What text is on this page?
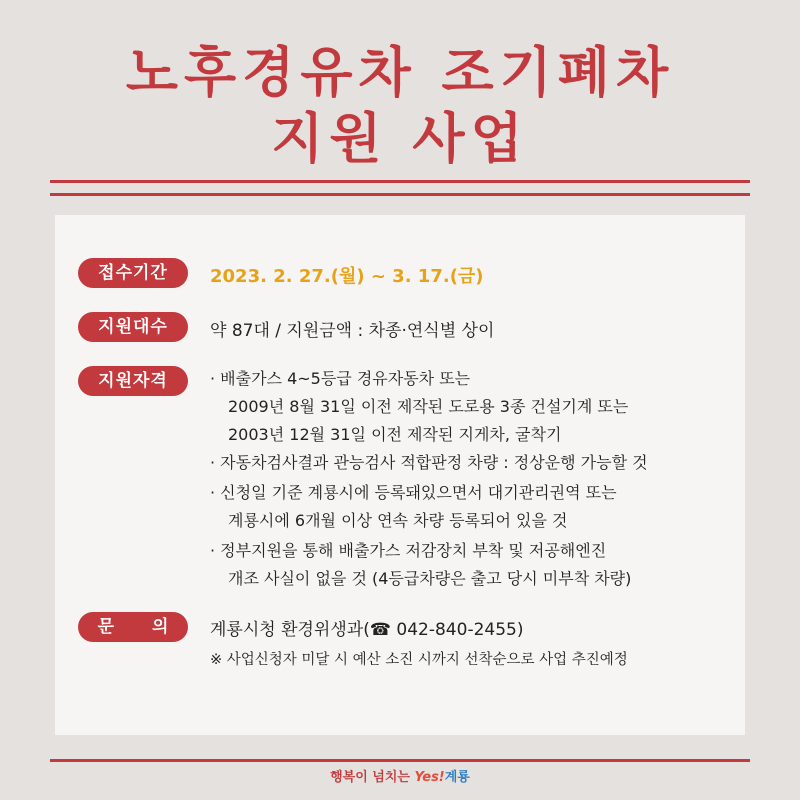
노후경유차 조기폐차
지원 사업
접수기간	2023. 2. 27.(월) ~ 3. 17.(금)
지원대수	약 87대 / 지원금액 : 차종·연식별 상이
지원자격	· 배출가스 4~5등급 경유자동차 또는
2009년 8월 31일 이전 제작된 도로용 3종 건설기계 또는
2003년 12월 31일 이전 제작된 지게차, 굴착기
· 자동차검사결과 관능검사 적합판정 차량 : 정상운행 가능할 것
· 신청일 기준 계룡시에 등록돼있으면서 대기관리권역 또는
계룡시에 6개월 이상 연속 차량 등록되어 있을 것
· 정부지원을 통해 배출가스 저감장치 부착 및 저공해엔진
개조 사실이 없을 것 (4등급차량은 출고 당시 미부착 차량)
문 의	계룡시청 환경위생과(☎ 042-840-2455)
※ 사업신청자 미달 시 예산 소진 시까지 선착순으로 사업 추진예정
행복이 넘치는 Yes!계룡
